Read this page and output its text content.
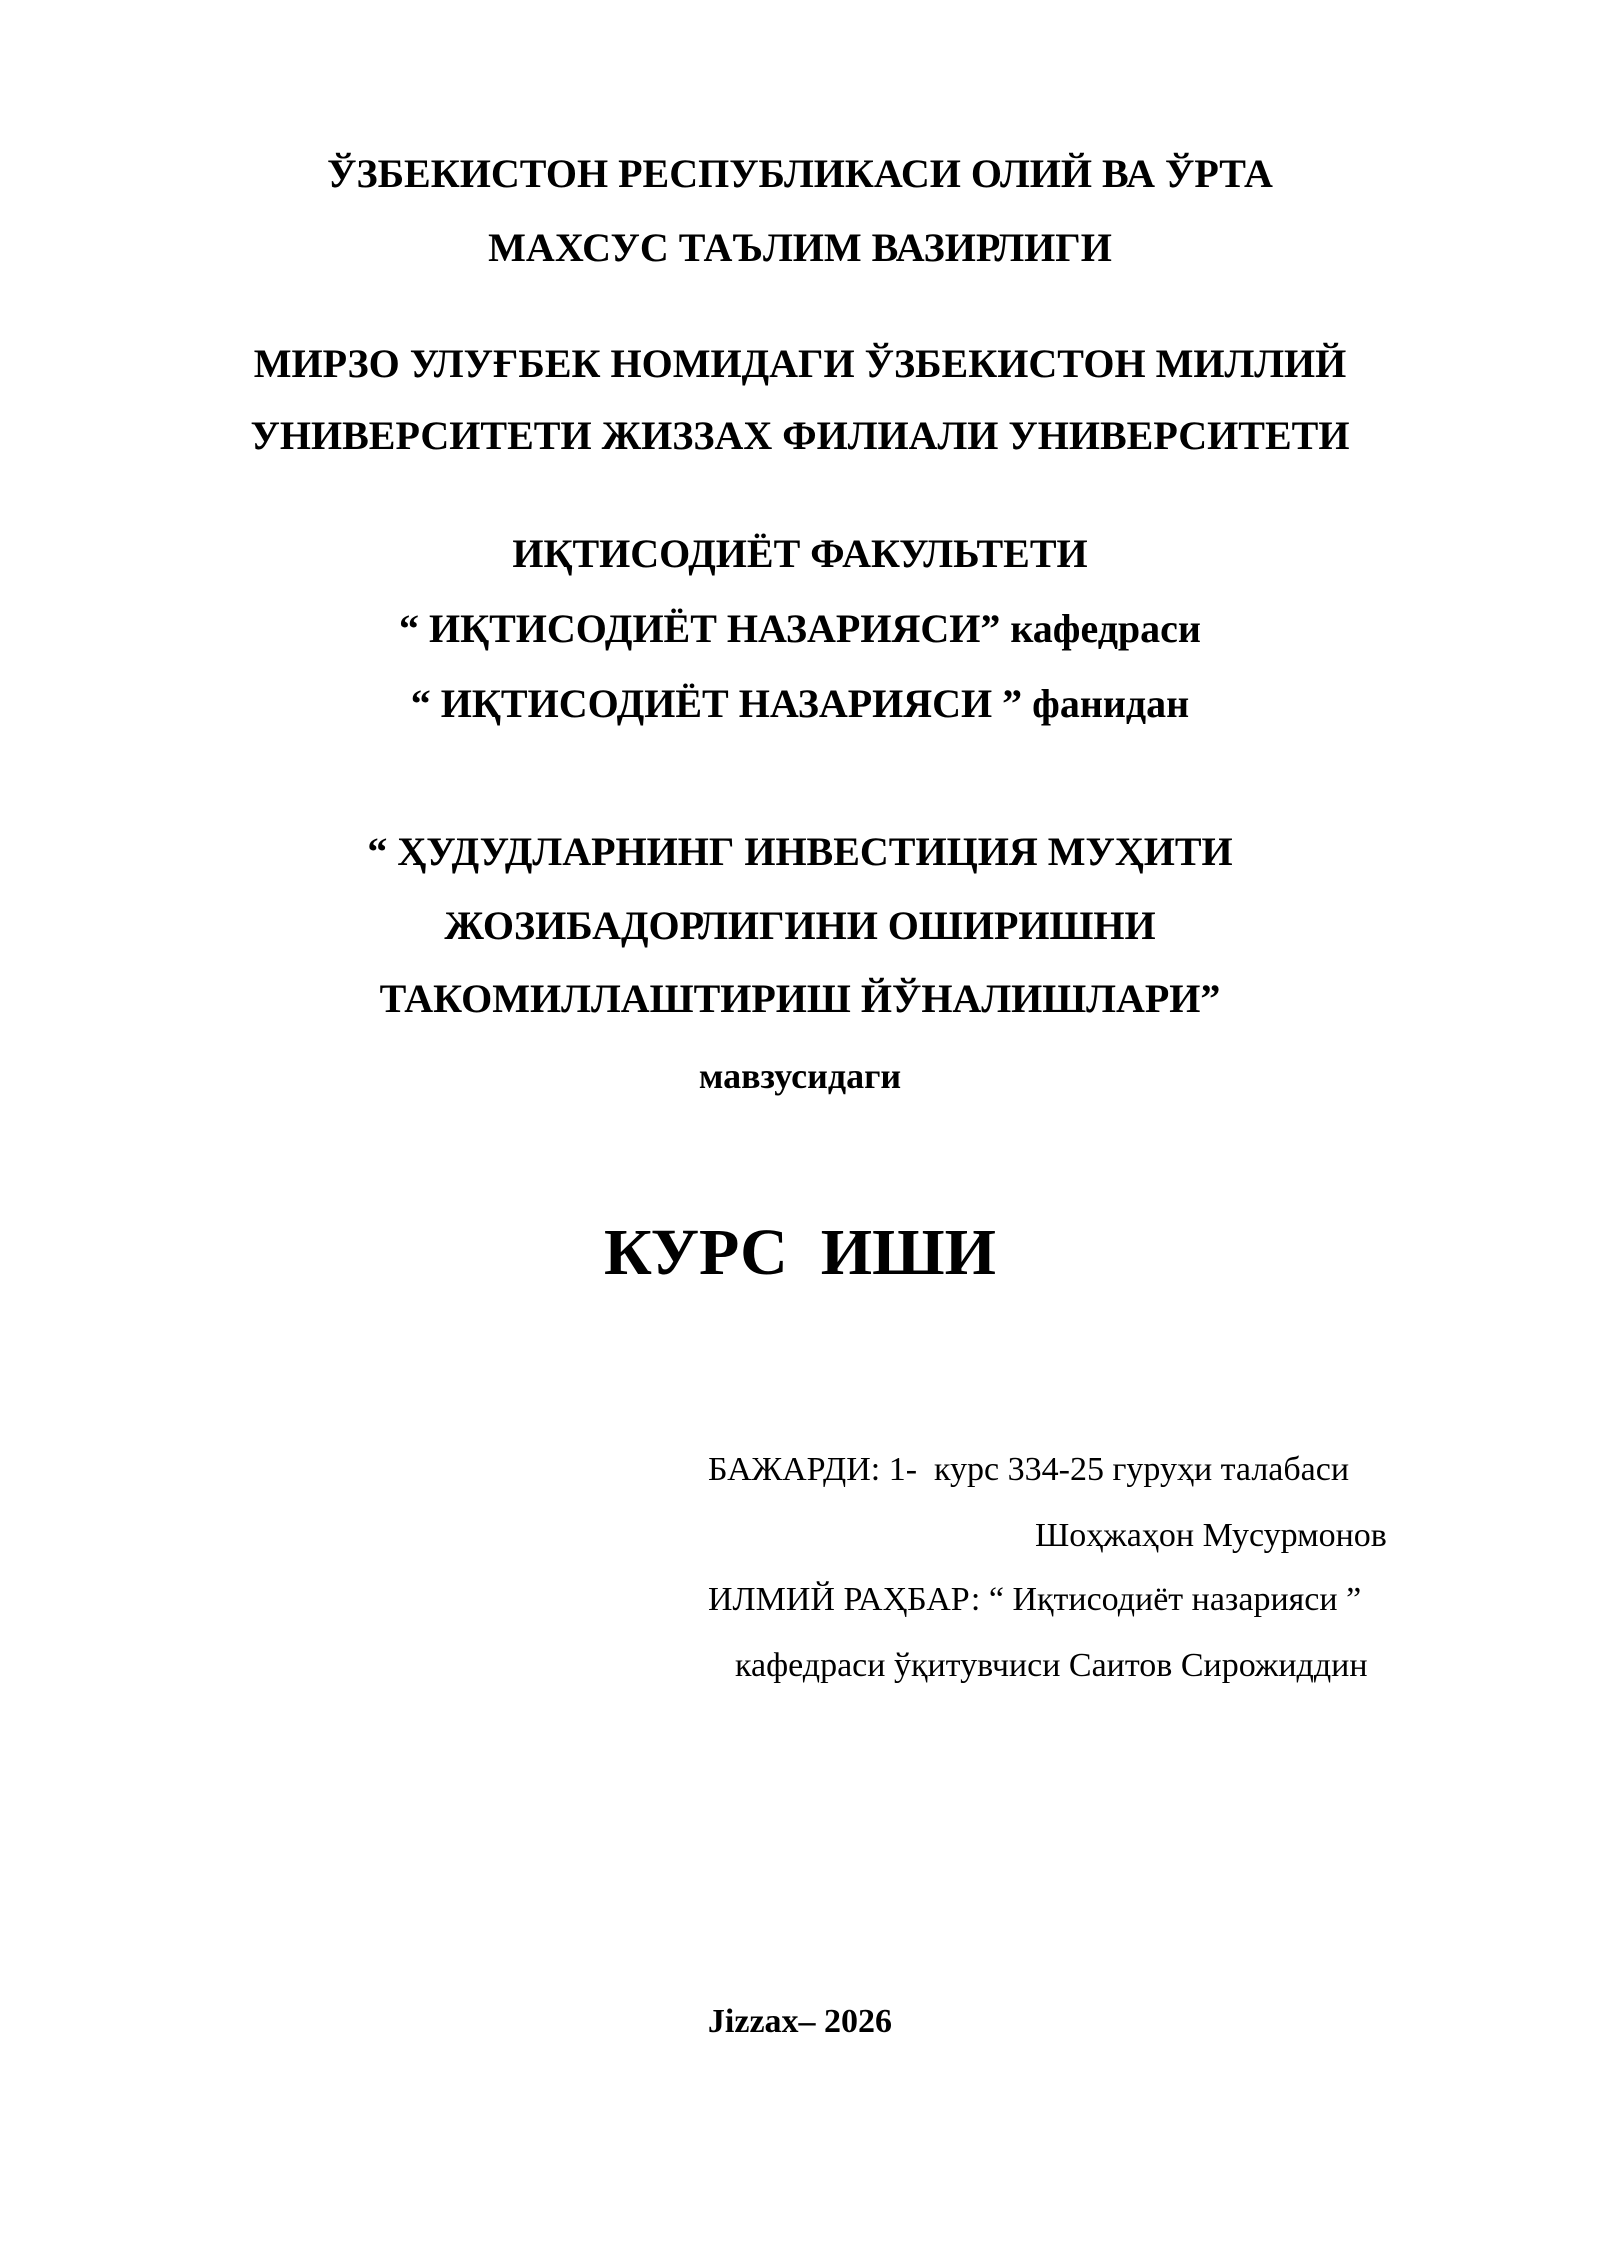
ЎЗБЕКИСТОН РЕСПУБЛИКАСИ ОЛИЙ ВА ЎРТА
МАХСУС ТАЪЛИМ ВАЗИРЛИГИ
МИРЗО УЛУҒБЕК НОМИДАГИ ЎЗБЕКИСТОН МИЛЛИЙ
УНИВЕРСИТЕТИ ЖИЗЗАХ ФИЛИАЛИ УНИВЕРСИТЕТИ
ИҚТИСОДИЁТ ФАКУЛЬТЕТИ
“ ИҚТИСОДИЁТ НАЗАРИЯСИ” кафедраси
“ ИҚТИСОДИЁТ НАЗАРИЯСИ ” фанидан
“ ҲУДУДЛАРНИНГ ИНВЕСТИЦИЯ МУҲИТИ
ЖОЗИБАДОРЛИГИНИ ОШИРИШНИ
ТАКОМИЛЛАШТИРИШ ЙЎНАЛИШЛАРИ”
мавзусидаги
КУРС  ИШИ
БАЖАРДИ: 1-  курс 334-25 гуруҳи талабаси
Шоҳжаҳон Мусурмонов
ИЛМИЙ РАҲБАР: “ Иқтисодиёт назарияси ”
кафедраси ўқитувчиси Саитов Сирожиддин
Jizzax– 2026
